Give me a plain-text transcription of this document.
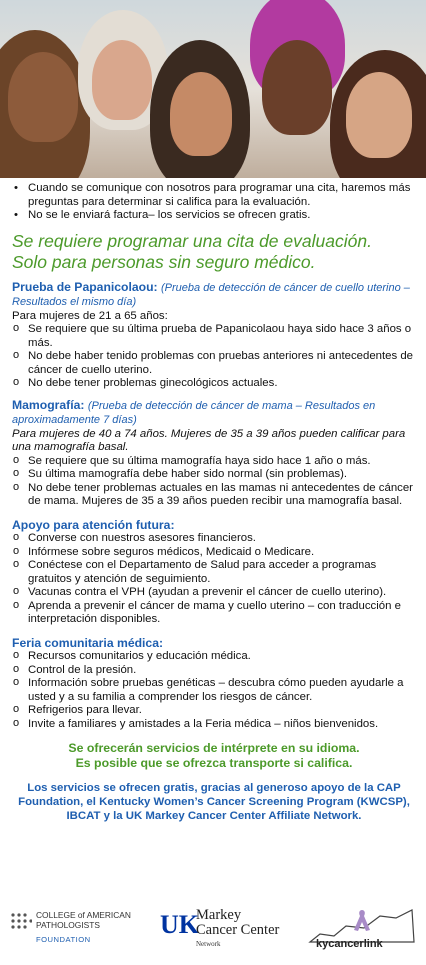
• Cuando se comunique con nosotros para programar una cita, haremos más preguntas para determinar si califica para la evaluación.
• No se le enviará factura– los servicios se ofrecen gratis.
Se requiere programar una cita de evaluación.
Solo para personas sin seguro médico.
Prueba de Papanicolaou: (Prueba de detección de cáncer de cuello uterino – Resultados el mismo día)

Para mujeres de 21 a 65 años:

o Se requiere que su última prueba de Papanicolaou haya sido hace 3 años o más.
o No debe haber tenido problemas con pruebas anteriores ni antecedentes de cáncer de cuello uterino.
o No debe tener problemas ginecológicos actuales.
Mamografía: (Prueba de detección de cáncer de mama – Resultados en aproximadamente 7 días)

Para mujeres de 40 a 74 años. Mujeres de 35 a 39 años pueden calificar para una mamografía basal.

o Se requiere que su última mamografía haya sido hace 1 año o más.
o Su última mamografía debe haber sido normal (sin problemas).
o No debe tener problemas actuales en las mamas ni antecedentes de cáncer de mama. Mujeres de 35 a 39 años pueden recibir una mamografía basal.
Apoyo para atención futura:
o Converse con nuestros asesores financieros.
o Infórmese sobre seguros médicos, Medicaid o Medicare.
o Conéctese con el Departamento de Salud para acceder a programas gratuitos y atención de seguimiento.
o Vacunas contra el VPH (ayudan a prevenir el cáncer de cuello uterino).
o Aprenda a prevenir el cáncer de mama y cuello uterino – con traducción e interpretación disponibles.
Feria comunitaria médica:
o Recursos comunitarios y educación médica.
o Control de la presión.
o Información sobre pruebas genéticas – descubra cómo pueden ayudarle a usted y a su familia a comprender los riesgos de cáncer.
o Refrigerios para llevar.
o Invite a familiares y amistades a la Feria médica – niños bienvenidos.
Se ofrecerán servicios de intérprete en su idioma.
Es posible que se ofrezca transporte si califica.
Los servicios se ofrecen gratis, gracias al generoso apoyo de la CAP Foundation, el Kentucky Women’s Cancer Screening Program (KWCSP), IBCAT y la UK Markey Cancer Center Affiliate Network.
COLLEGE of AMERICAN
PATHOLOGISTS
FOUNDATION
UK
Markey
Cancer Center
Network	kycancerlink
